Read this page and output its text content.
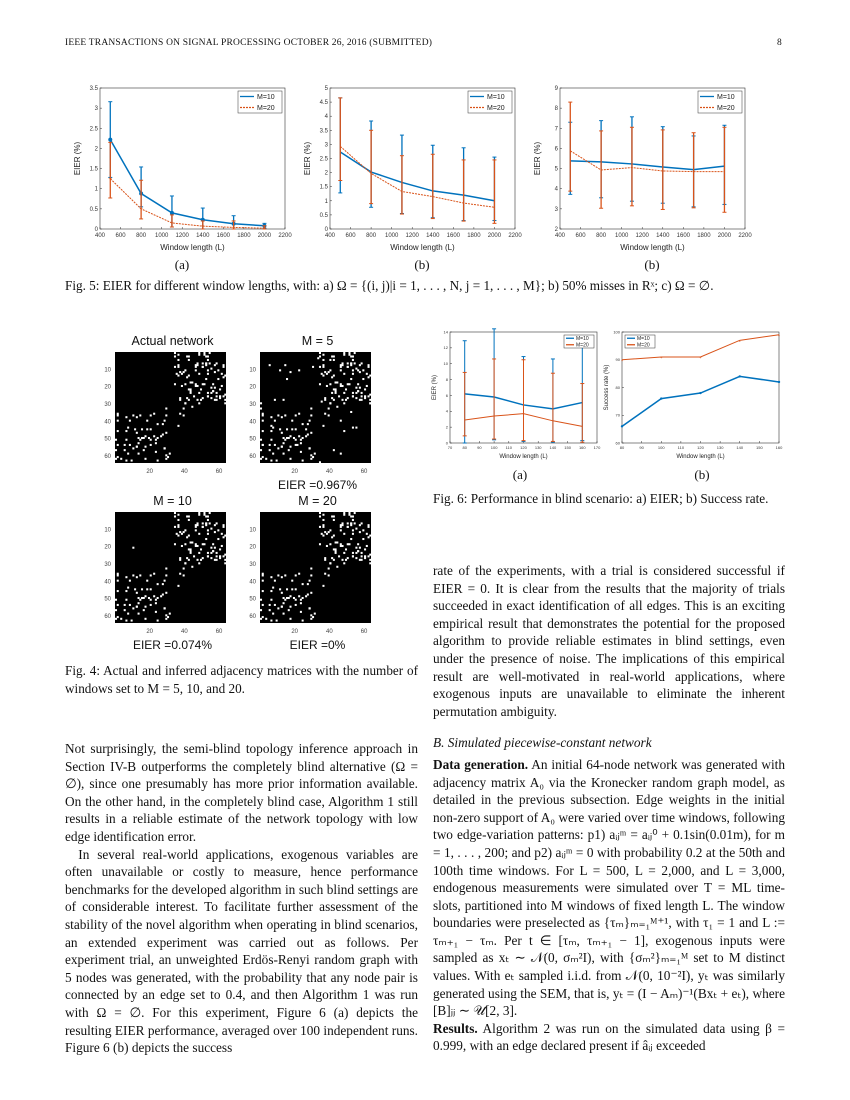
IEEE TRANSACTIONS ON SIGNAL PROCESSING OCTOBER 26, 2016 (SUBMITTED)	8
400 600 800 1000 1200 1400 1600 1800 2000 2200
0
0.5
1
1.5
2
2.5
3
3.5
Window length (L)
EIER (%)
+
+
+
+	+	+
M=10
M=20
400 600 800 1000 1200 1400 1600 1800 2000 2200
0
0.5
1
1.5
2
2.5
3
3.5
4
4.5
5
Window length (L)
EIER (%)
M=10
M=20
400 600 800 1000 1200 1400 1600 1800 2000 2200
2
3
4
5
6
7
8
9
Window length (L)
EIER (%)
M=10
M=20
(a)	(b)	(b)
Fig. 5: EIER for different window lengths, with: a) Ω = {(i, j)|i = 1, . . . , N, j = 1, . . . , M}; b) 50% misses in Rˣ; c) Ω = ∅.
Actual network
10
20
30
40
50
60
20	40	60
M = 5
10
20
30
40
50
60
20	40	60
EIER =0.967%
M = 10
10
20
30
40
50
60
20	40	60
EIER =0.074%
M = 20
10
20
30
40
50
60
20	40	60
EIER =0%
Fig. 4: Actual and inferred adjacency matrices with the number of windows set to M = 5, 10, and 20.
70	80	90 100 110 120 130 140 150 160 170
0
2
4
6
8
10
12
14
Window length (L)
EIER (%)
M=10
M=20
80	90	100	110	120	130	140	150	160
60
70
80
90
100
Window length (L)
Success rate (%)
+
+	+
+
+
M=10
M=20
(a)	(b)
Fig. 6: Performance in blind scenario: a) EIER; b) Success rate.

Not surprisingly, the semi-blind topology inference approach in Section IV-B outperforms the completely blind alternative (Ω = ∅), since one presumably has more prior information available. On the other hand, in the completely blind case, Algorithm 1 still results in a reliable estimate of the network topology with low edge identification error.

In several real-world applications, exogenous variables are often unavailable or costly to measure, hence performance benchmarks for the developed algorithm in such blind settings are of considerable interest. To facilitate further assessment of the stability of the novel algorithm when operating in blind scenarios, an extended experiment was carried out as follows. Per experiment trial, an unweighted Erdös-Renyi random graph with 5 nodes was generated, with the probability that any node pair is connected by an edge set to 0.4, and then Algorithm 1 was run with Ω = ∅. For this experiment, Figure 6 (a) depicts the resulting EIER performance, averaged over 100 independent runs. Figure 6 (b) depicts the success

rate of the experiments, with a trial is considered successful if EIER = 0. It is clear from the results that the majority of trials succeeded in exact identification of all edges. This is an exciting empirical result that demonstrates the potential for the proposed algorithm to provide reliable estimates in blind settings, even under the presence of noise. The implications of this empirical result are well-motivated in real-world applications, where exogenous inputs are unavailable to eliminate the inherent permutation ambiguity.

B. Simulated piecewise-constant network

Data generation. An initial 64-node network was generated with adjacency matrix A₀ via the Kronecker random graph model, as detailed in the previous subsection. Edge weights in the initial non-zero support of A₀ were varied over time windows, following two edge-variation patterns: p1) aᵢⱼᵐ = aᵢⱼ⁰ + 0.1sin(0.01m), for m = 1, . . . , 200; and p2) aᵢⱼᵐ = 0 with probability 0.2 at the 50th and 100th time windows. For L = 500, L = 2,000, and L = 3,000, endogenous measurements were simulated over T = ML time-slots, partitioned into M windows of fixed length L. The window boundaries were preselected as {τₘ}ₘ₌₁ᴹ⁺¹, with τ₁ = 1 and L := τₘ₊₁ − τₘ. Per t ∈ [τₘ, τₘ₊₁ − 1], exogenous inputs were sampled as xₜ ∼ 𝒩(0, σₘ²I), with {σₘ²}ₘ₌₁ᴹ set to M distinct values. With eₜ sampled i.i.d. from 𝒩(0, 10⁻²I), yₜ was similarly generated using the SEM, that is, yₜ = (I − Aₘ)⁻¹(Bxₜ + eₜ), where [B]ⱼⱼ ∼ 𝒰[2, 3].

Results. Algorithm 2 was run on the simulated data using β = 0.999, with an edge declared present if âᵢⱼ exceeded
